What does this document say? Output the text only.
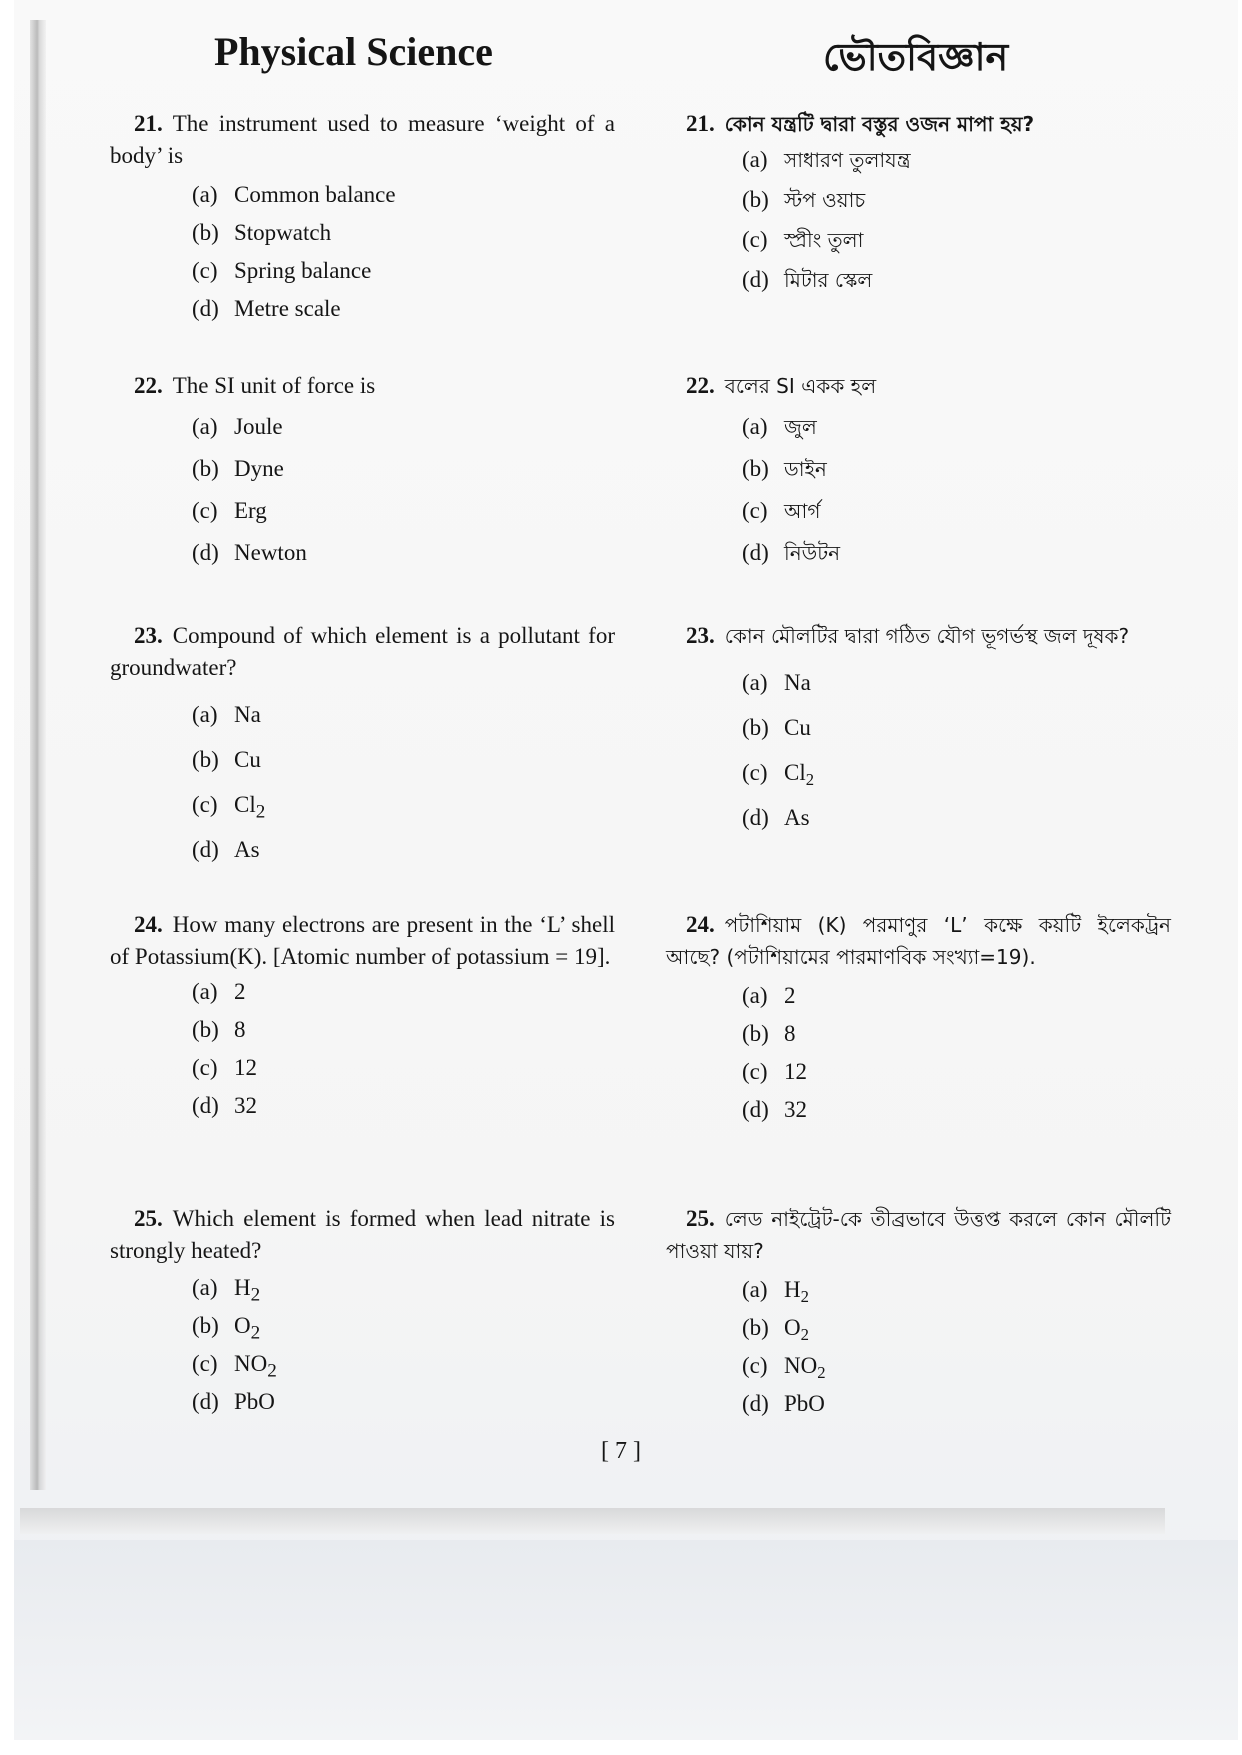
Physical Science	ভৌতবিজ্ঞান

21. The instrument used to measure ‘weight of a body’ is

(a) Common balance
(b) Stopwatch
(c) Spring balance
(d) Metre scale

22. The SI unit of force is

(a) Joule
(b) Dyne
(c) Erg
(d) Newton

23. Compound of which element is a pollutant for groundwater?

(a) Na
(b) Cu
(c) $Cl_2$
(d) As

24. How many electrons are present in the ‘L’ shell of Potassium(K). [Atomic number of potassium = 19].

(a) 2
(b) 8
(c) 12
(d) 32

25. Which element is formed when lead nitrate is strongly heated?

(a) $H_2$
(b) $O_2$
(c) $NO_2$
(d) PbO

21. কোন যন্ত্রটি দ্বারা বস্তুর ওজন মাপা হয়?

(a) সাধারণ তুলাযন্ত্র
(b) স্টপ ওয়াচ
(c) স্প্রীং তুলা
(d) মিটার স্কেল

22. বলের SI একক হল

(a) জুল
(b) ডাইন
(c) আর্গ
(d) নিউটন

23. কোন মৌলটির দ্বারা গঠিত যৌগ ভূগর্ভস্থ জল দূষক?

(a) Na
(b) Cu
(c) $Cl_2$
(d) As

24. পটাশিয়াম (K) পরমাণুর ‘L’ কক্ষে কয়টি ইলেকট্রন আছে? (পটাশিয়ামের পারমাণবিক সংখ্যা=19).

(a) 2
(b) 8
(c) 12
(d) 32

25. লেড নাইট্রেট-কে তীব্রভাবে উত্তপ্ত করলে কোন মৌলটি পাওয়া যায়?

(a) $H_2$
(b) $O_2$
(c) $NO_2$
(d) PbO
[ 7 ]
